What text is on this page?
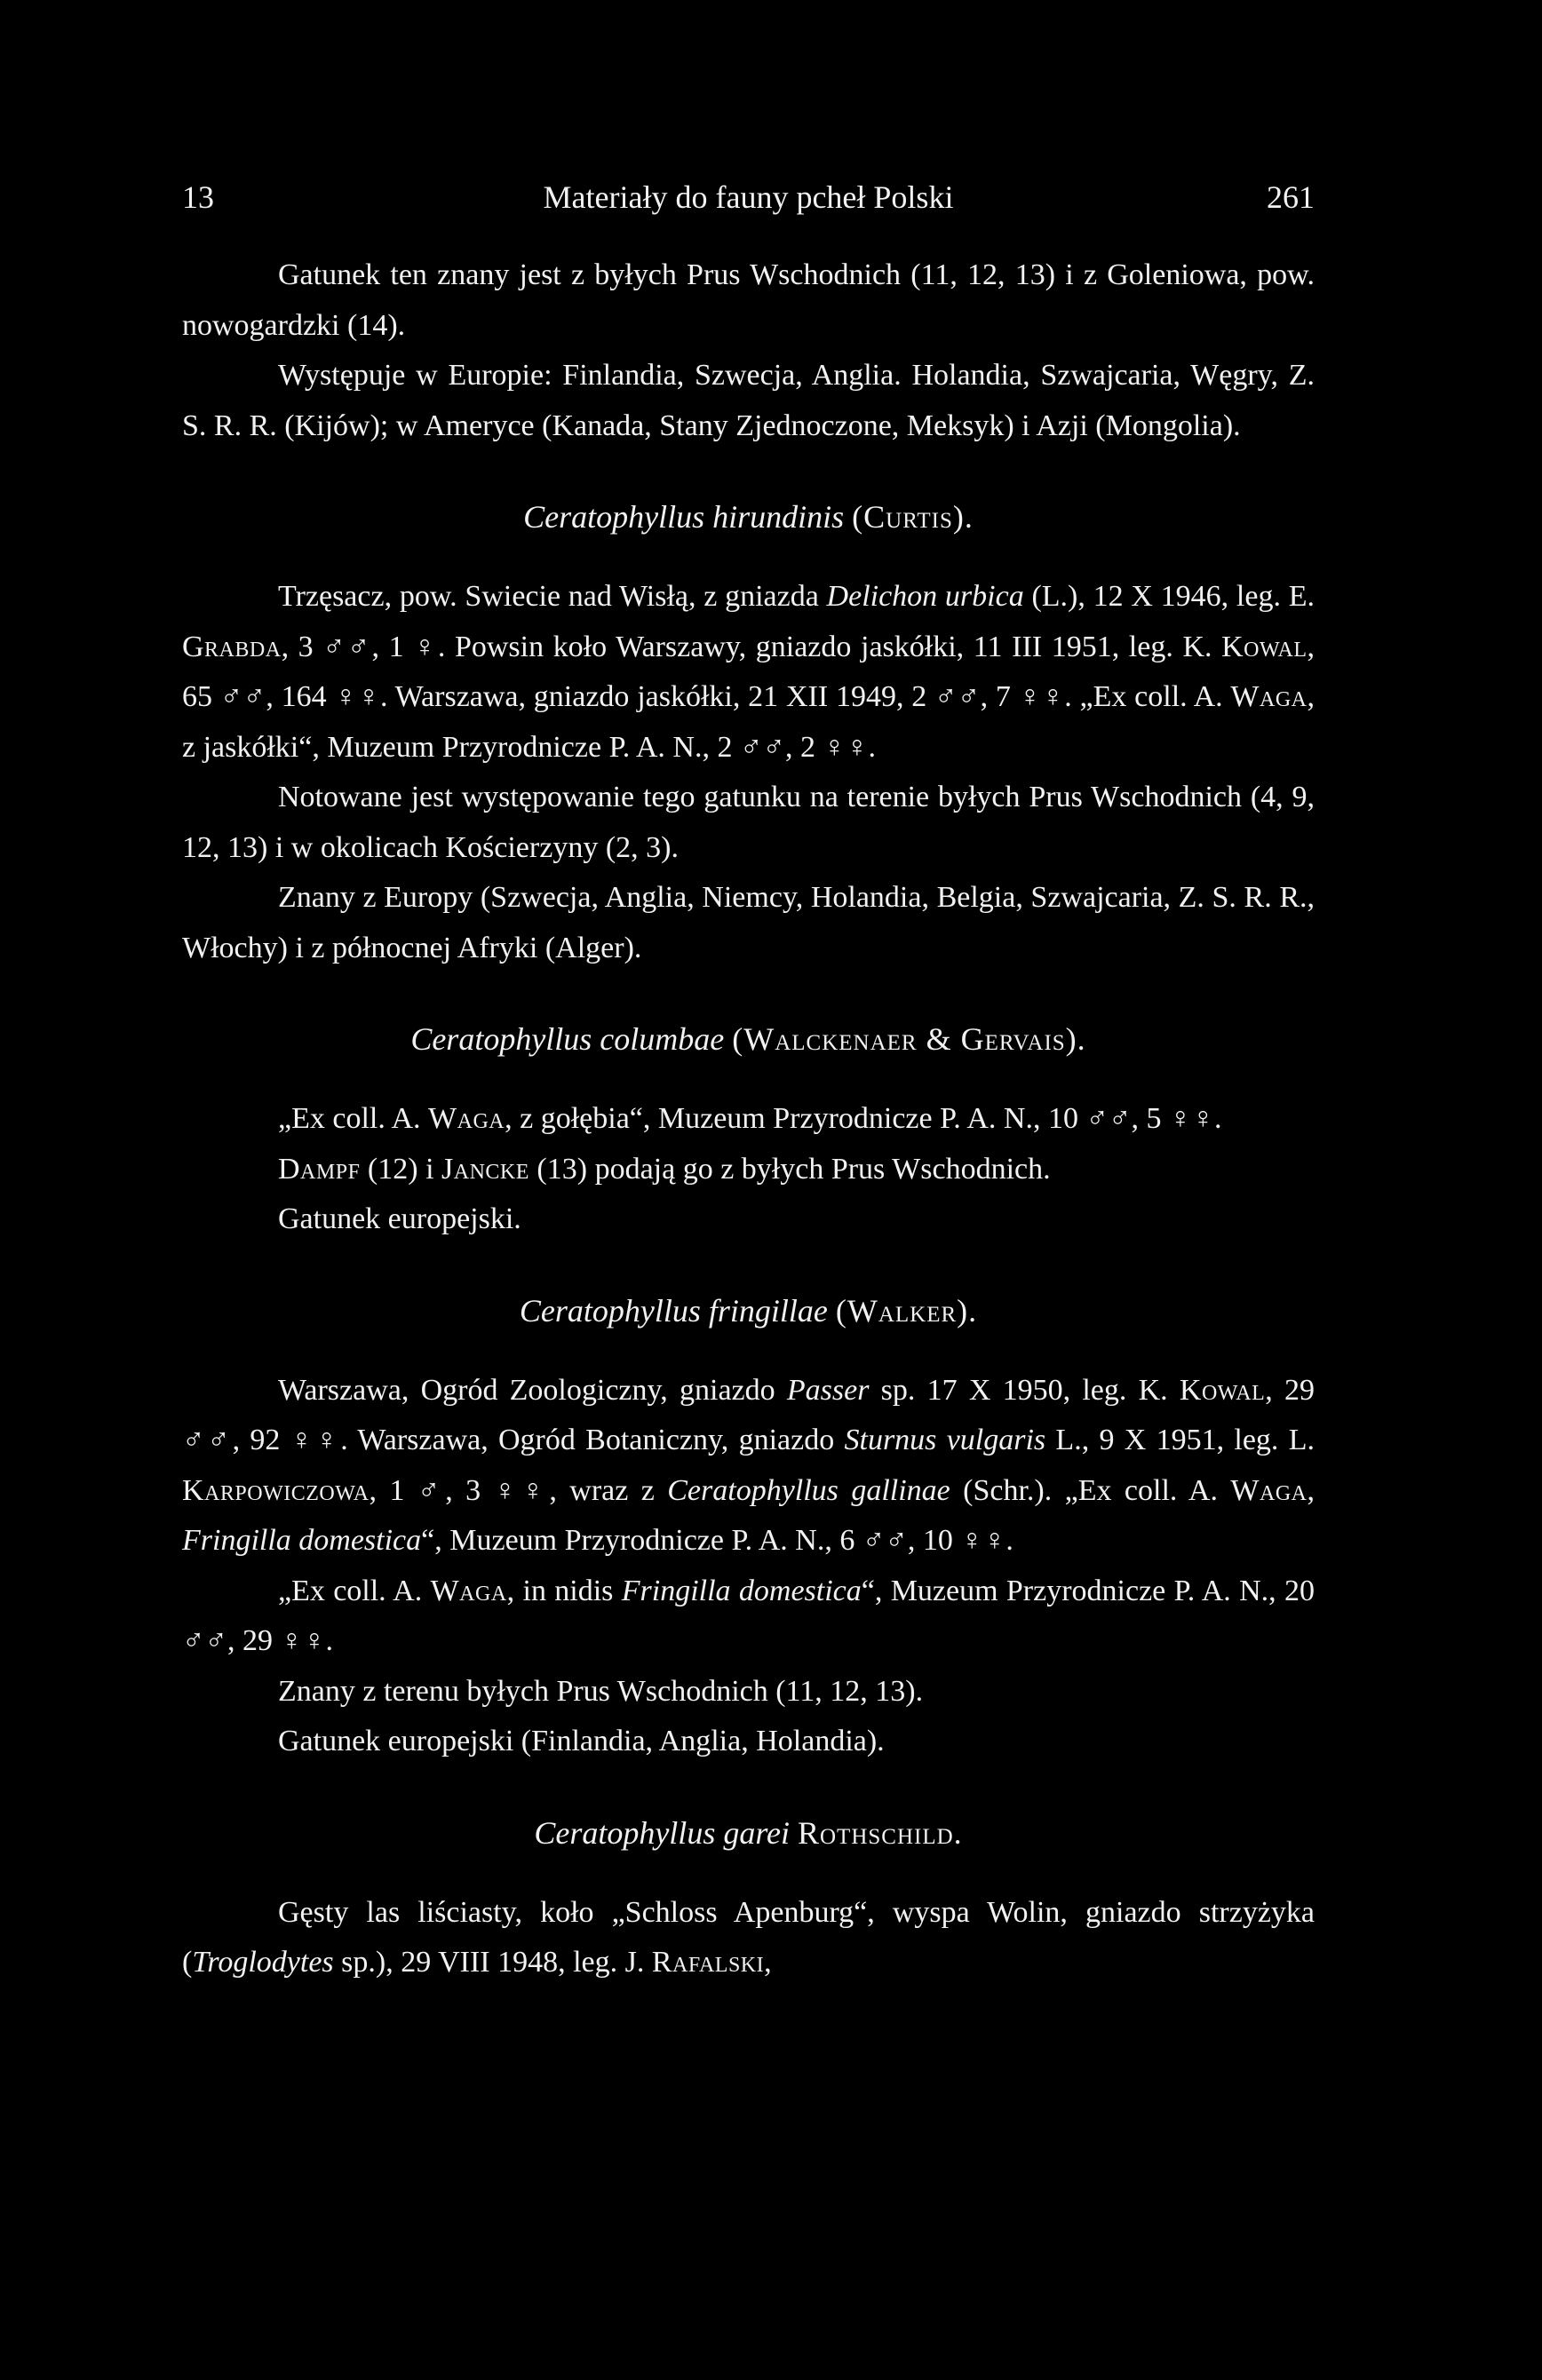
13	Materiały do fauny pcheł Polski	261

Gatunek ten znany jest z byłych Prus Wschodnich (11, 12, 13) i z Goleniowa, pow. nowogardzki (14).

Występuje w Europie: Finlandia, Szwecja, Anglia. Holandia, Szwajcaria, Węgry, Z. S. R. R. (Kijów); w Ameryce (Kanada, Stany Zjednoczone, Meksyk) i Azji (Mongolia).

Ceratophyllus hirundinis (Curtis).

Trzęsacz, pow. Swiecie nad Wisłą, z gniazda Delichon urbica (L.), 12 X 1946, leg. E. Grabda, 3 ♂♂, 1 ♀. Powsin koło Warszawy, gniazdo jaskółki, 11 III 1951, leg. K. Kowal, 65 ♂♂, 164 ♀♀. Warszawa, gniazdo jaskółki, 21 XII 1949, 2 ♂♂, 7 ♀♀. „Ex coll. A. Waga, z jaskółki“, Muzeum Przyrodnicze P. A. N., 2 ♂♂, 2 ♀♀.

Notowane jest występowanie tego gatunku na terenie byłych Prus Wschodnich (4, 9, 12, 13) i w okolicach Kościerzyny (2, 3).

Znany z Europy (Szwecja, Anglia, Niemcy, Holandia, Belgia, Szwajcaria, Z. S. R. R., Włochy) i z północnej Afryki (Alger).

Ceratophyllus columbae (Walckenaer & Gervais).

„Ex coll. A. Waga, z gołębia“, Muzeum Przyrodnicze P. A. N., 10 ♂♂, 5 ♀♀.

Dampf (12) i Jancke (13) podają go z byłych Prus Wschodnich.

Gatunek europejski.

Ceratophyllus fringillae (Walker).

Warszawa, Ogród Zoologiczny, gniazdo Passer sp. 17 X 1950, leg. K. Kowal, 29 ♂♂, 92 ♀♀. Warszawa, Ogród Botaniczny, gniazdo Sturnus vulgaris L., 9 X 1951, leg. L. Karpowiczowa, 1 ♂, 3 ♀♀, wraz z Ceratophyllus gallinae (Schr.). „Ex coll. A. Waga, Fringilla domestica“, Muzeum Przyrodnicze P. A. N., 6 ♂♂, 10 ♀♀.

„Ex coll. A. Waga, in nidis Fringilla domestica“, Muzeum Przyrodnicze P. A. N., 20 ♂♂, 29 ♀♀.

Znany z terenu byłych Prus Wschodnich (11, 12, 13).

Gatunek europejski (Finlandia, Anglia, Holandia).

Ceratophyllus garei Rothschild.

Gęsty las liściasty, koło „Schloss Apenburg“, wyspa Wolin, gniazdo strzyżyka (Troglodytes sp.), 29 VIII 1948, leg. J. Rafalski,
